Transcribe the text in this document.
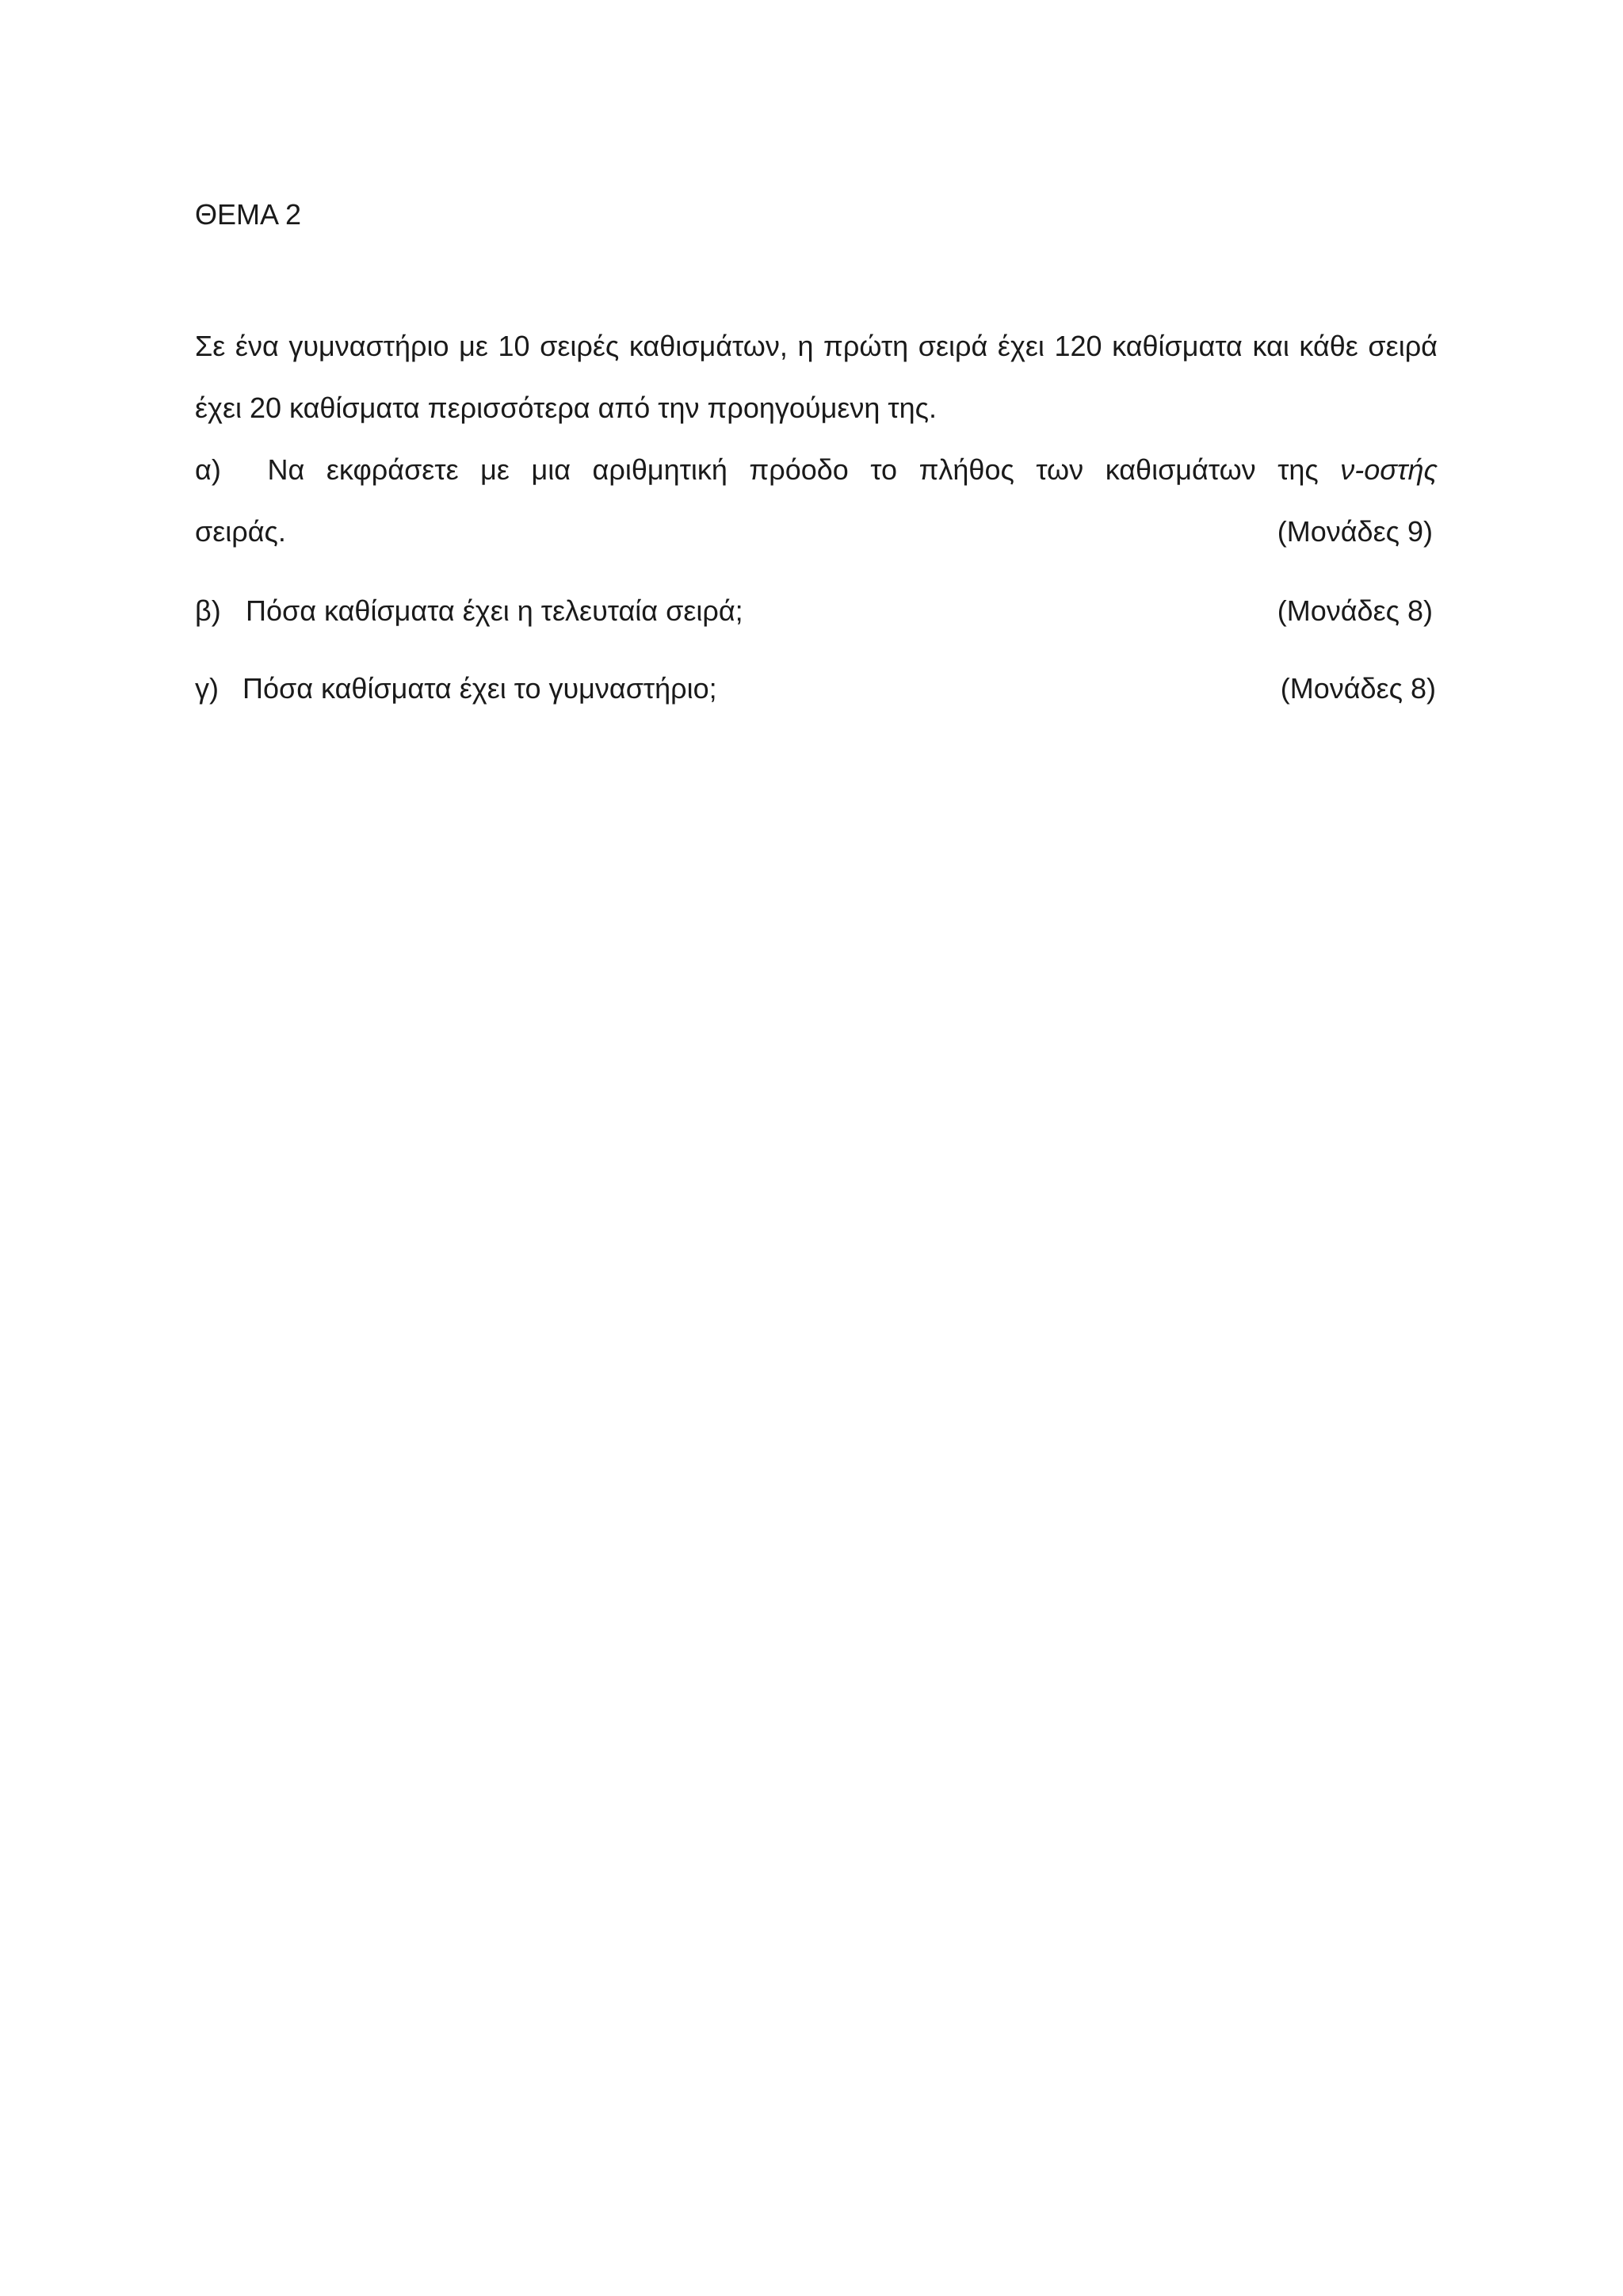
ΘΕΜΑ 2

Σε ένα γυμναστήριο με 10 σειρές καθισμάτων, η πρώτη σειρά έχει 120 καθίσματα και κάθε σειρά έχει 20 καθίσματα περισσότερα από την προηγούμενη της.

α)	Να εκφράσετε με μια αριθμητική πρόοδο το πλήθος των καθισμάτων της ν-οστής
σειράς.	(Μονάδες 9)
β) Πόσα καθίσματα έχει η τελευταία σειρά;	(Μονάδες 8)
γ) Πόσα καθίσματα έχει το γυμναστήριο;	(Μονάδες 8)
